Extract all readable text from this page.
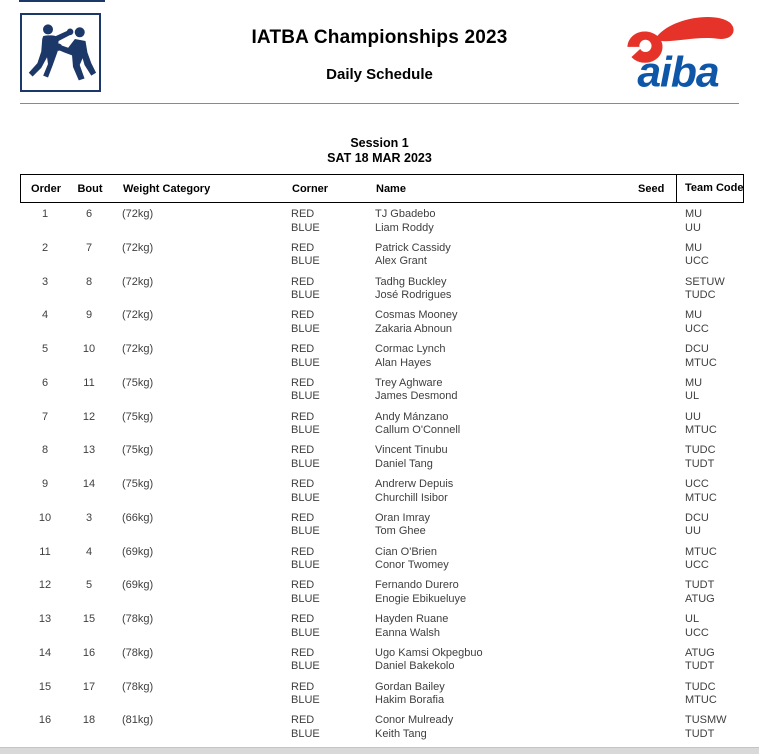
IATBA Championships 2023
Daily Schedule	aiba
Session 1
SAT 18 MAR 2023
Order	Bout	Weight Category	Corner	Name	Seed Team Code
1	6	(72kg)	RED	TJ Gbadebo	MU
BLUE	Liam Roddy	UU
2	7	(72kg)	RED	Patrick Cassidy	MU
BLUE	Alex Grant	UCC
3	8	(72kg)	RED	Tadhg Buckley	SETUW
BLUE	José Rodrigues	TUDC
4	9	(72kg)	RED	Cosmas Mooney	MU
BLUE	Zakaria Abnoun	UCC
5	10	(72kg)	RED	Cormac Lynch	DCU
BLUE	Alan Hayes	MTUC
6	11	(75kg)	RED	Trey Aghware	MU
BLUE	James Desmond	UL
7	12	(75kg)	RED	Andy Mánzano	UU
BLUE	Callum O'Connell	MTUC
8	13	(75kg)	RED	Vincent Tinubu	TUDC
BLUE	Daniel Tang	TUDT
9	14	(75kg)	RED	Andrerw Depuis	UCC
BLUE	Churchill Isibor	MTUC
10	3	(66kg)	RED	Oran Imray	DCU
BLUE	Tom Ghee	UU
11	4	(69kg)	RED	Cian O'Brien	MTUC
BLUE	Conor Twomey	UCC
12	5	(69kg)	RED	Fernando Durero	TUDT
BLUE	Enogie Ebikueluye	ATUG
13	15	(78kg)	RED	Hayden Ruane	UL
BLUE	Eanna Walsh	UCC
14	16	(78kg)	RED	Ugo Kamsi Okpegbuo	ATUG
BLUE	Daniel Bakekolo	TUDT
15	17	(78kg)	RED	Gordan Bailey	TUDC
BLUE	Hakim Borafia	MTUC
16	18	(81kg)	RED	Conor Mulready	TUSMW
BLUE	Keith Tang	TUDT
